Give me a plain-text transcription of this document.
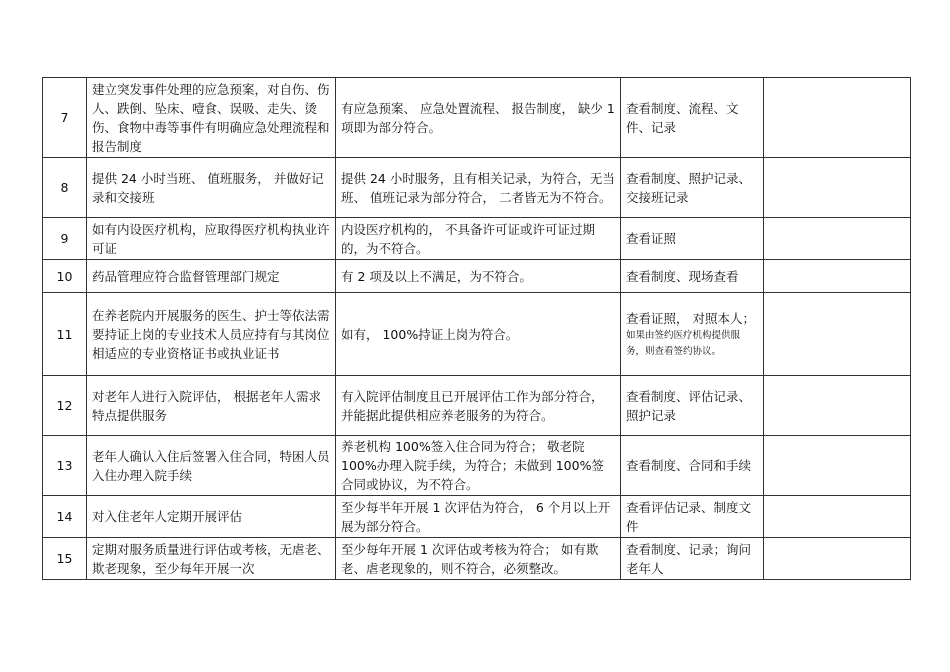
7	建立突发事件处理的应急预案，对自伤、伤人、跌倒、坠床、噎食、误吸、走失、烫伤、食物中毒等事件有明确应急处理流程和报告制度	有应急预案、 应急处置流程、 报告制度， 缺少 1 项即为部分符合。	查看制度、流程、文件、记录	
8	提供 24 小时当班、 值班服务， 并做好记录和交接班	提供 24 小时服务，且有相关记录，为符合，无当班、 值班记录为部分符合， 二者皆无为不符合。	查看制度、照护记录、交接班记录	
9	如有内设医疗机构，应取得医疗机构执业许可证	内设医疗机构的， 不具备许可证或许可证过期的，为不符合。	查看证照	
10	药品管理应符合监督管理部门规定	有 2 项及以上不满足，为不符合。	查看制度、现场查看	
11	在养老院内开展服务的医生、护士等依法需要持证上岗的专业技术人员应持有与其岗位相适应的专业资格证书或执业证书	如有， 100%持证上岗为符合。	查看证照， 对照本人；
如果由签约医疗机构提供服务，则查看签约协议。	

12	对老年人进行入院评估， 根据老年人需求特点提供服务	有入院评估制度且已开展评估工作为部分符合，并能据此提供相应养老服务的为符合。	查看制度、评估记录、照护记录	
13	老年人确认入住后签署入住合同，特困人员入住办理入院手续	养老机构 100%签入住合同为符合； 敬老院 100%办理入院手续，为符合；未做到 100%签合同或协议，为不符合。	查看制度、合同和手续	
14	对入住老年人定期开展评估	至少每半年开展 1 次评估为符合， 6 个月以上开展为部分符合。	查看评估记录、制度文件	
15	定期对服务质量进行评估或考核，无虐老、欺老现象，至少每年开展一次	至少每年开展 1 次评估或考核为符合； 如有欺老、虐老现象的，则不符合，必须整改。	查看制度、记录；询问老年人	
